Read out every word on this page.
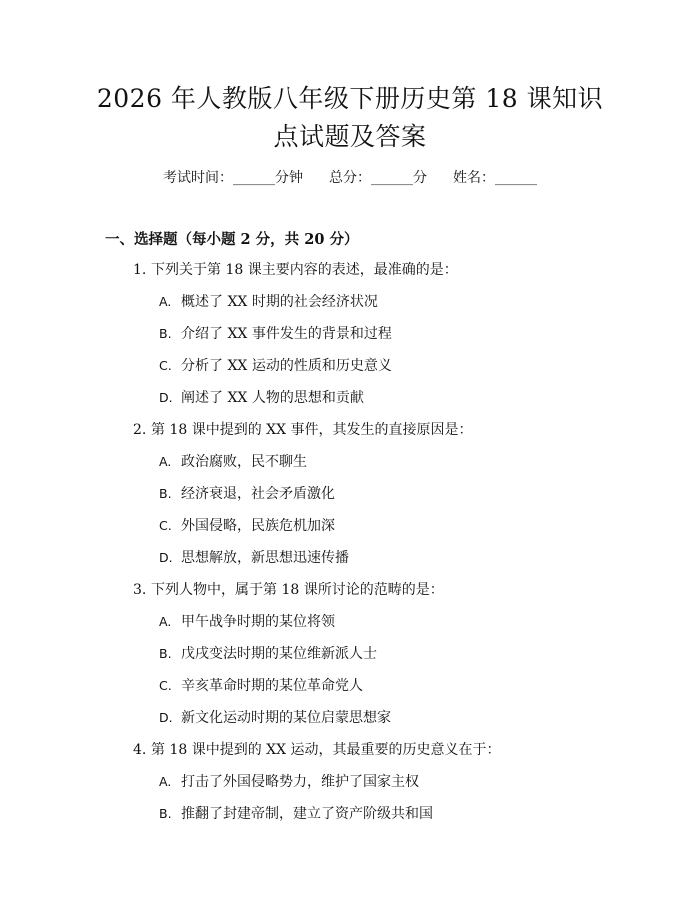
2026 年人教版八年级下册历史第 18 课知识
点试题及答案
考试时间：______分钟 总分：______分 姓名：______
一、选择题（每小题 2 分，共 20 分）
1. 下列关于第 18 课主要内容的表述，最准确的是：
A. 概述了 XX 时期的社会经济状况
B. 介绍了 XX 事件发生的背景和过程
C. 分析了 XX 运动的性质和历史意义
D. 阐述了 XX 人物的思想和贡献
2. 第 18 课中提到的 XX 事件，其发生的直接原因是：
A. 政治腐败，民不聊生
B. 经济衰退，社会矛盾激化
C. 外国侵略，民族危机加深
D. 思想解放，新思想迅速传播
3. 下列人物中，属于第 18 课所讨论的范畴的是：
A. 甲午战争时期的某位将领
B. 戊戌变法时期的某位维新派人士
C. 辛亥革命时期的某位革命党人
D. 新文化运动时期的某位启蒙思想家
4. 第 18 课中提到的 XX 运动，其最重要的历史意义在于：
A. 打击了外国侵略势力，维护了国家主权
B. 推翻了封建帝制，建立了资产阶级共和国
